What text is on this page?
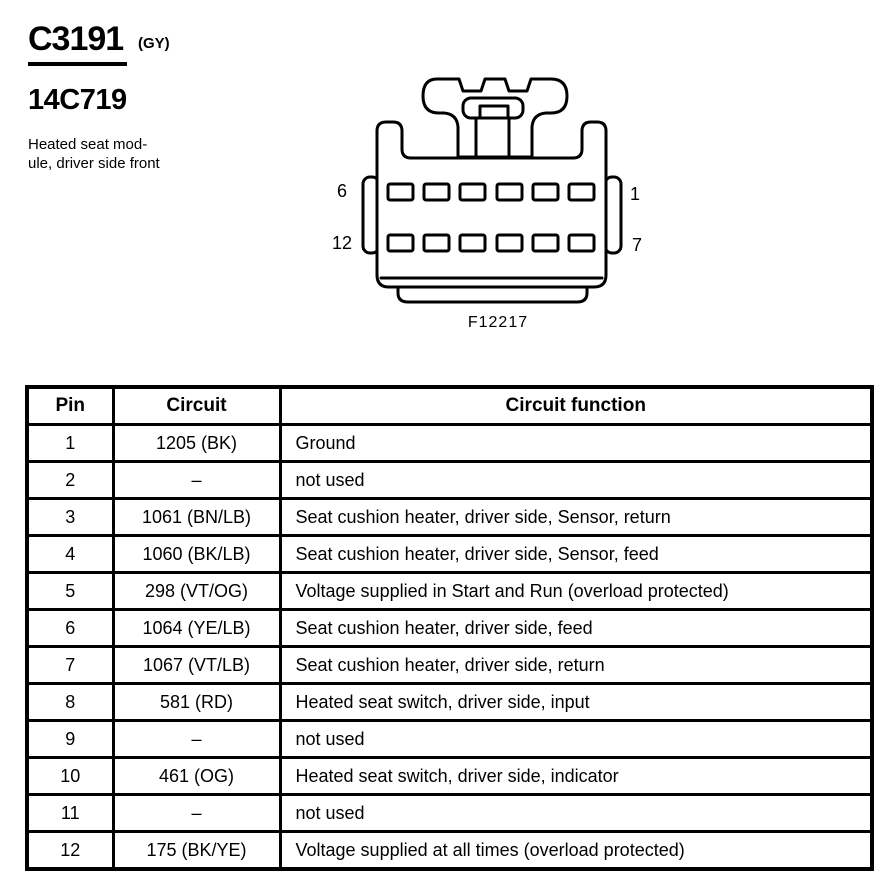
C3191 (GY)
14C719
Heated seat mod-
ule, driver side front
6	1
12	7
F12217
Pin	Circuit	Circuit function
1	1205 (BK)	Ground
2	–	not used
3	1061 (BN/LB)	Seat cushion heater, driver side, Sensor, return
4	1060 (BK/LB)	Seat cushion heater, driver side, Sensor, feed
5	298 (VT/OG)	Voltage supplied in Start and Run (overload protected)
6	1064 (YE/LB)	Seat cushion heater, driver side, feed
7	1067 (VT/LB)	Seat cushion heater, driver side, return
8	581 (RD)	Heated seat switch, driver side, input
9	–	not used
10	461 (OG)	Heated seat switch, driver side, indicator
11	–	not used
12	175 (BK/YE)	Voltage supplied at all times (overload protected)
